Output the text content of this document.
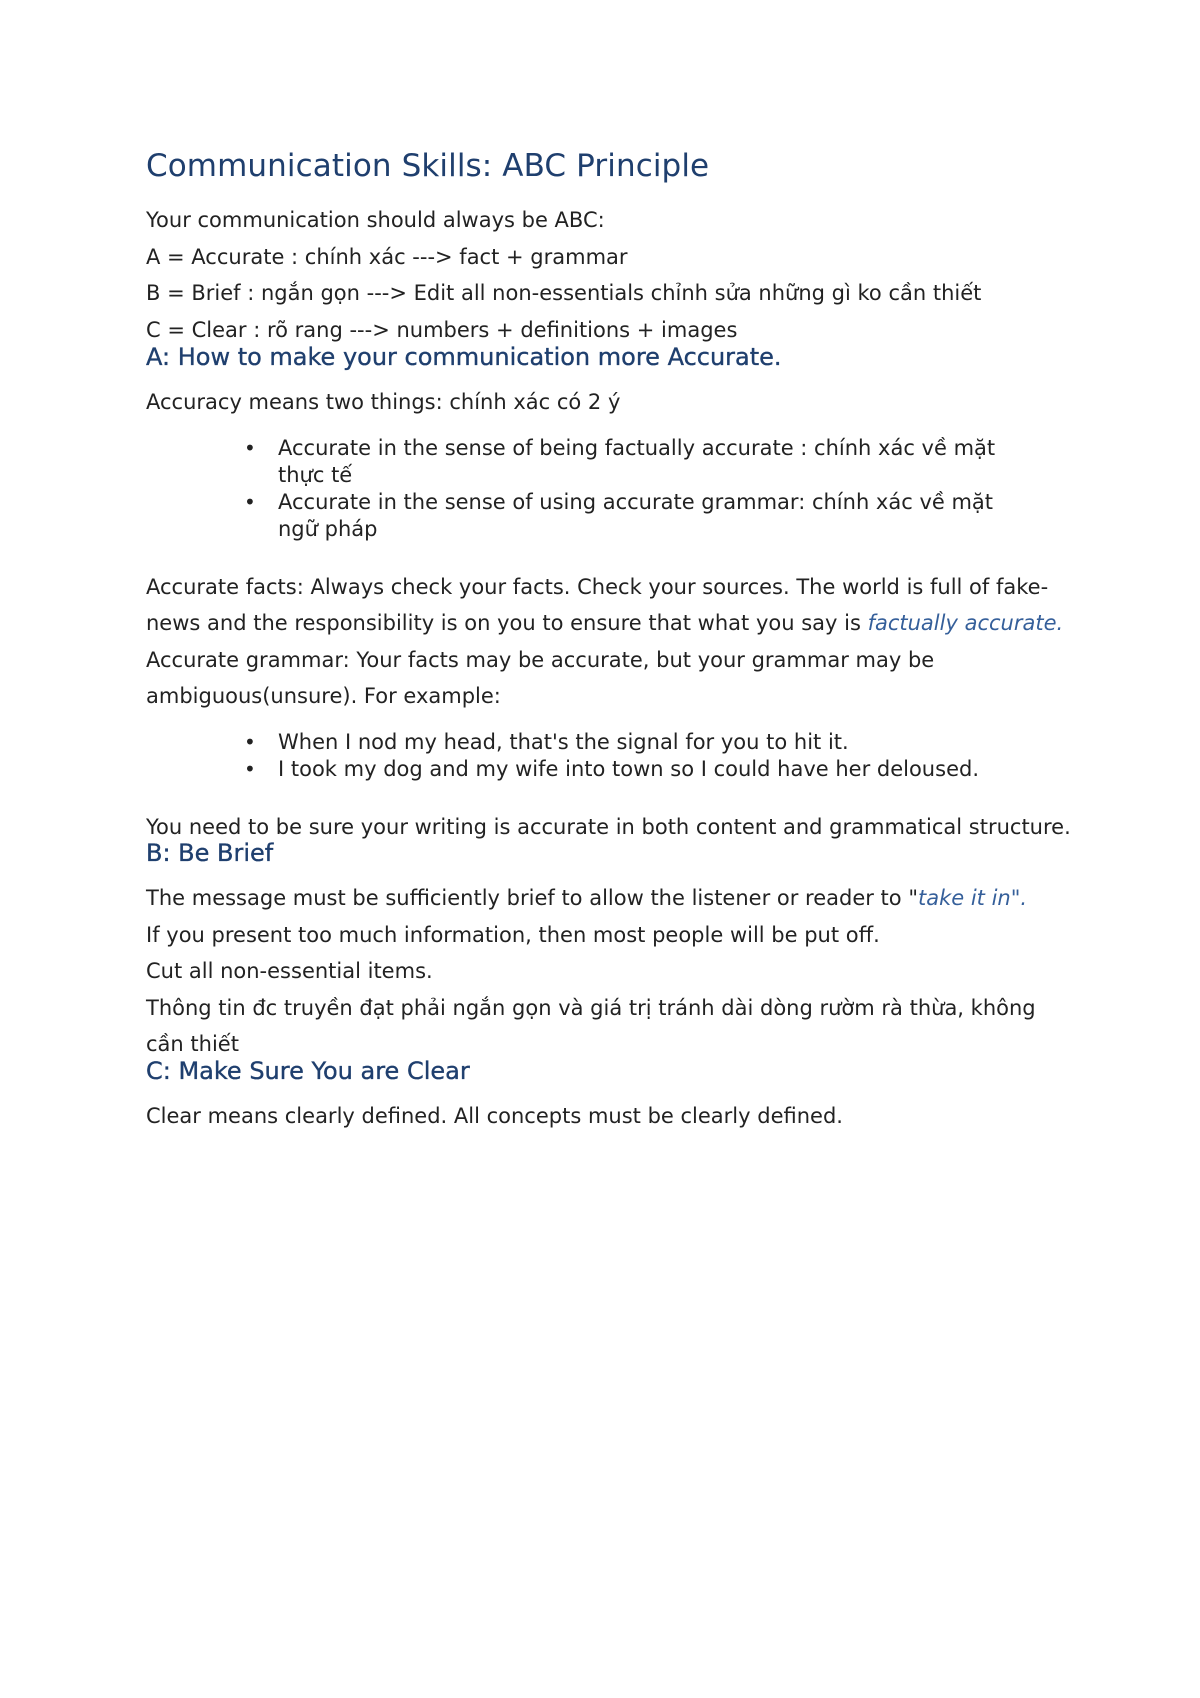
Communication Skills: ABC Principle

Your communication should always be ABC:

A = Accurate : chính xác ---> fact + grammar

B = Brief : ngắn gọn ---> Edit all non-essentials chỉnh sửa những gì ko cần thiết

C = Clear : rõ rang ---> numbers + definitions + images

A: How to make your communication more Accurate.

Accuracy means two things: chính xác có 2 ý

• Accurate in the sense of being factually accurate : chính xác về mặt thực tế
• Accurate in the sense of using accurate grammar: chính xác về mặt ngữ pháp

Accurate facts: Always check your facts. Check your sources. The world is full of fake-news and the responsibility is on you to ensure that what you say is factually accurate.

Accurate grammar: Your facts may be accurate, but your grammar may be ambiguous(unsure). For example:

• When I nod my head, that's the signal for you to hit it.
• I took my dog and my wife into town so I could have her deloused.

You need to be sure your writing is accurate in both content and grammatical structure.

B: Be Brief

The message must be sufficiently brief to allow the listener or reader to "take it in".

If you present too much information, then most people will be put off.

Cut all non-essential items.

Thông tin đc truyền đạt phải ngắn gọn và giá trị tránh dài dòng rườm rà thừa, không cần thiết

C: Make Sure You are Clear

Clear means clearly defined. All concepts must be clearly defined.
